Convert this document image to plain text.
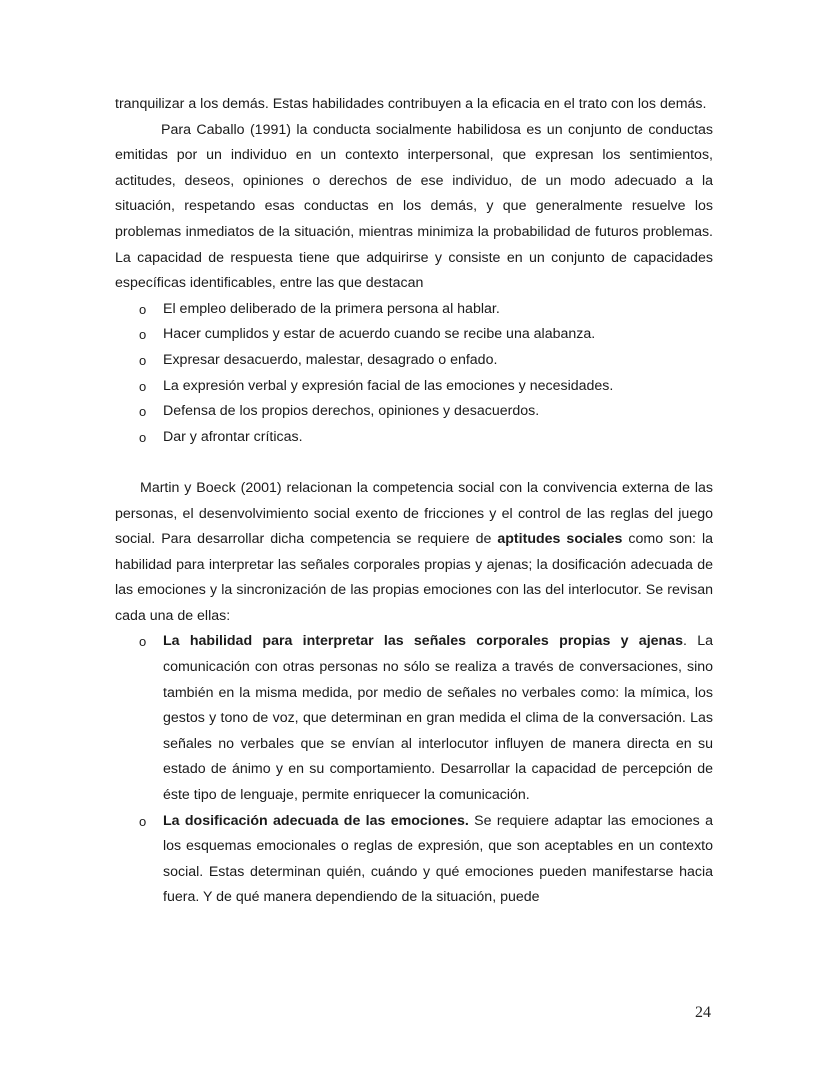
tranquilizar a los demás. Estas habilidades contribuyen a la eficacia en el trato con los demás.

Para Caballo (1991) la conducta socialmente habilidosa es un conjunto de conductas emitidas por un individuo en un contexto interpersonal, que expresan los sentimientos, actitudes, deseos, opiniones o derechos de ese individuo, de un modo adecuado a la situación, respetando esas conductas en los demás, y que generalmente resuelve los problemas inmediatos de la situación, mientras minimiza la probabilidad de futuros problemas. La capacidad de respuesta tiene que adquirirse y consiste en un conjunto de capacidades específicas identificables, entre las que destacan

o El empleo deliberado de la primera persona al hablar.
o Hacer cumplidos y estar de acuerdo cuando se recibe una alabanza.
o Expresar desacuerdo, malestar, desagrado o enfado.
o La expresión verbal y expresión facial de las emociones y necesidades.
o Defensa de los propios derechos, opiniones y desacuerdos.
o Dar y afrontar críticas.

Martin y Boeck (2001) relacionan la competencia social con la convivencia externa de las personas, el desenvolvimiento social exento de fricciones y el control de las reglas del juego social. Para desarrollar dicha competencia se requiere de aptitudes sociales como son: la habilidad para interpretar las señales corporales propias y ajenas; la dosificación adecuada de las emociones y la sincronización de las propias emociones con las del interlocutor. Se revisan cada una de ellas:

o La habilidad para interpretar las señales corporales propias y ajenas. La comunicación con otras personas no sólo se realiza a través de conversaciones, sino también en la misma medida, por medio de señales no verbales como: la mímica, los gestos y tono de voz, que determinan en gran medida el clima de la conversación. Las señales no verbales que se envían al interlocutor influyen de manera directa en su estado de ánimo y en su comportamiento. Desarrollar la capacidad de percepción de éste tipo de lenguaje, permite enriquecer la comunicación.
o La dosificación adecuada de las emociones. Se requiere adaptar las emociones a los esquemas emocionales o reglas de expresión, que son aceptables en un contexto social. Estas determinan quién, cuándo y qué emociones pueden manifestarse hacia fuera. Y de qué manera dependiendo de la situación, puede
24
